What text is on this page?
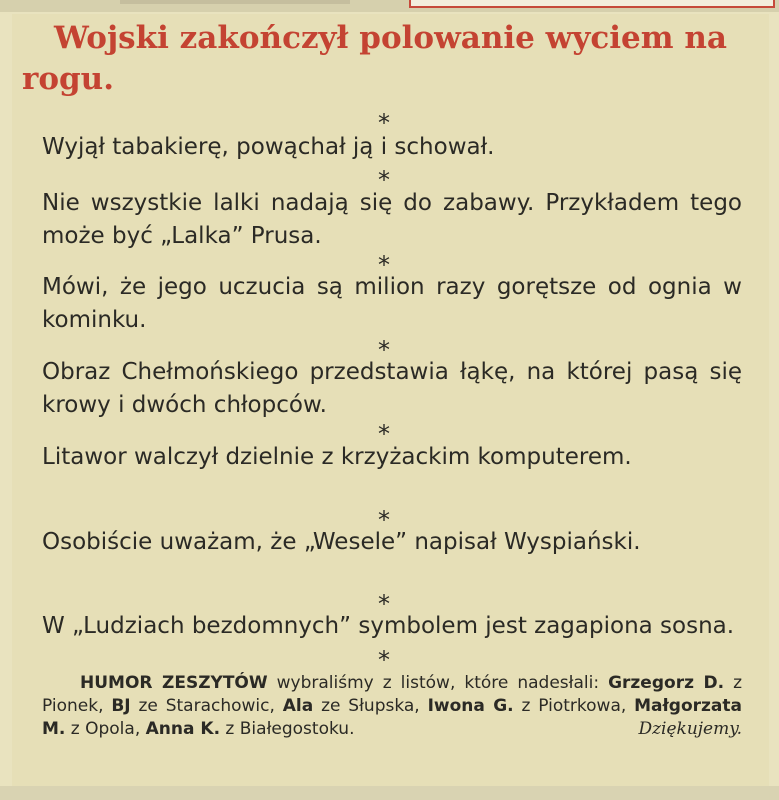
Wojski zakończył polowanie wyciem na rogu.
*

Wyjął tabakierę, powąchał ją i schował.

*

Nie wszystkie lalki nadają się do zabawy. Przykładem tego może być „Lalka” Prusa.

*

Mówi, że jego uczucia są milion razy gorętsze od ognia w kominku.

*

Obraz Chełmońskiego przedstawia łąkę, na której pasą się krowy i dwóch chłopców.

*

Litawor walczył dzielnie z krzyżackim komputerem.

*

Osobiście uważam, że „Wesele” napisał Wyspiański.

*

W „Ludziach bezdomnych” symbolem jest zagapiona sosna.

*

HUMOR ZESZYTÓW wybraliśmy z listów, które nadesłali: Grzegorz D. z Pionek, BJ ze Starachowic, Ala ze Słupska, Iwona G. z Piotrkowa, Małgorzata M. z Opola, Anna K. z Białegostoku.	Dziękujemy.
